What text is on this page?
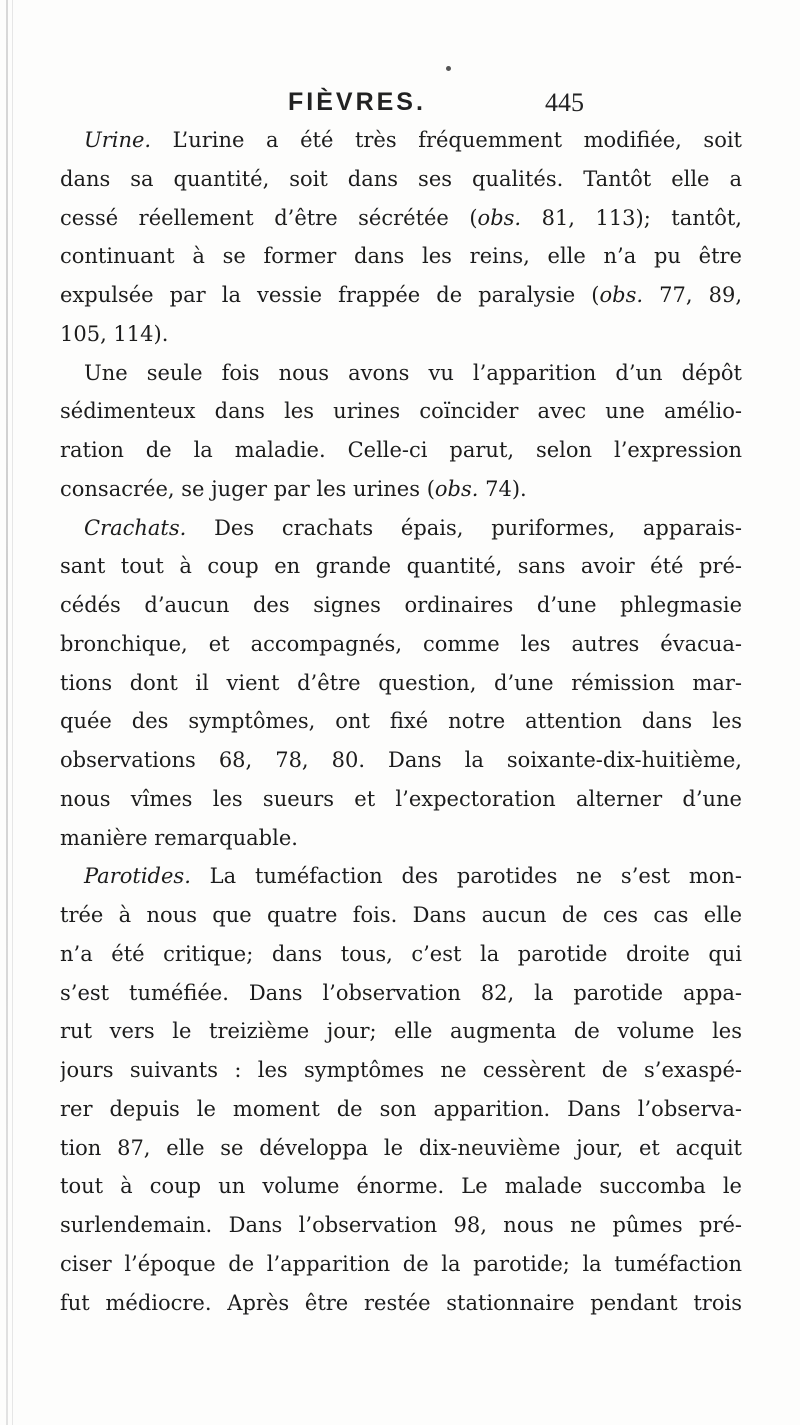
FIÈVRES.	445
Urine. L’urine a été très fréquemment modifiée, soit
dans sa quantité, soit dans ses qualités. Tantôt elle a
cessé réellement d’être sécrétée (obs. 81, 113); tantôt,
continuant à se former dans les reins, elle n’a pu être
expulsée par la vessie frappée de paralysie (obs. 77, 89,
105, 114).
Une seule fois nous avons vu l’apparition d’un dépôt
sédimenteux dans les urines coïncider avec une amélio-
ration de la maladie. Celle-ci parut, selon l’expression
consacrée, se juger par les urines (obs. 74).
Crachats. Des crachats épais, puriformes, apparais-
sant tout à coup en grande quantité, sans avoir été pré-
cédés d’aucun des signes ordinaires d’une phlegmasie
bronchique, et accompagnés, comme les autres évacua-
tions dont il vient d’être question, d’une rémission mar-
quée des symptômes, ont fixé notre attention dans les
observations 68, 78, 80. Dans la soixante-dix-huitième,
nous vîmes les sueurs et l’expectoration alterner d’une
manière remarquable.
Parotides. La tuméfaction des parotides ne s’est mon-
trée à nous que quatre fois. Dans aucun de ces cas elle
n’a été critique; dans tous, c’est la parotide droite qui
s’est tuméfiée. Dans l’observation 82, la parotide appa-
rut vers le treizième jour; elle augmenta de volume les
jours suivants : les symptômes ne cessèrent de s’exaspé-
rer depuis le moment de son apparition. Dans l’observa-
tion 87, elle se développa le dix-neuvième jour, et acquit
tout à coup un volume énorme. Le malade succomba le
surlendemain. Dans l’observation 98, nous ne pûmes pré-
ciser l’époque de l’apparition de la parotide; la tuméfaction
fut médiocre. Après être restée stationnaire pendant trois
